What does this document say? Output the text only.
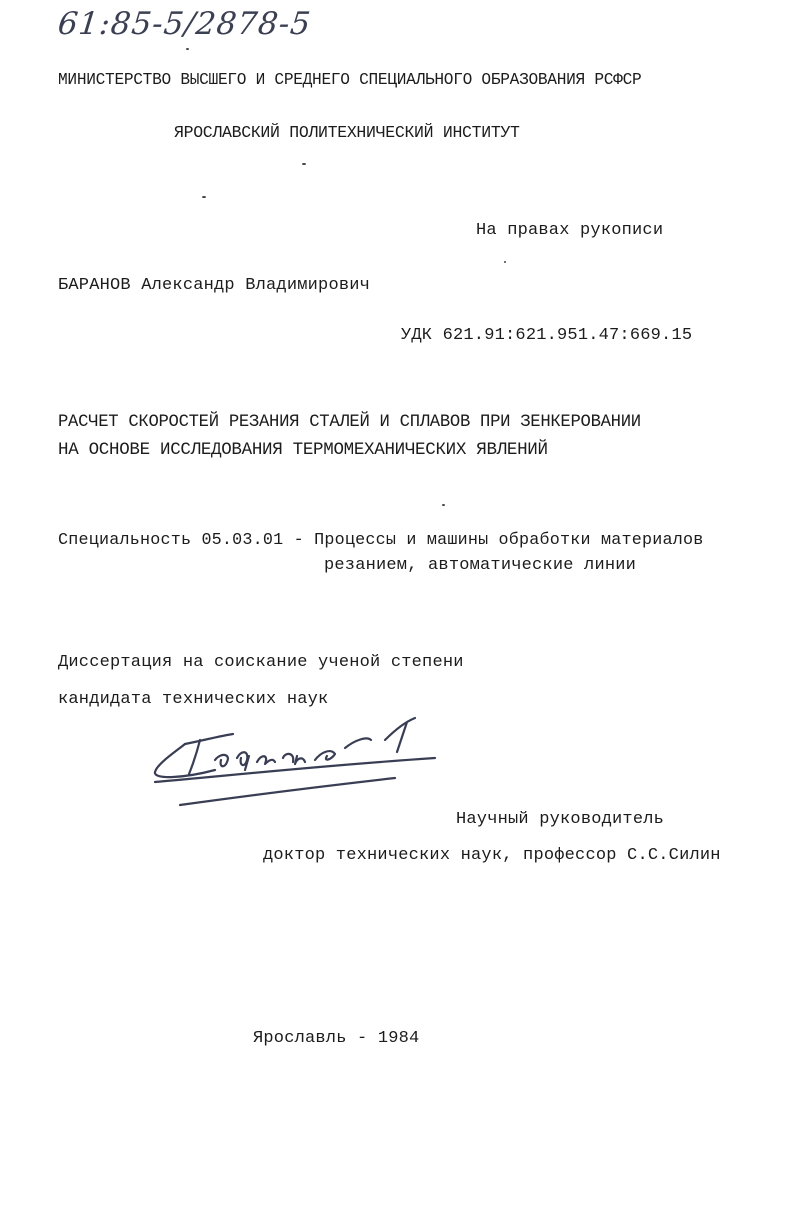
61:85-5/2878-5
МИНИСТЕРСТВО ВЫСШЕГО И СРЕДНЕГО СПЕЦИАЛЬНОГО ОБРАЗОВАНИЯ РСФСР
ЯРОСЛАВСКИЙ ПОЛИТЕХНИЧЕСКИЙ ИНСТИТУТ
На правах рукописи
БАРАНОВ Александр Владимирович
УДК 621.91:621.951.47:669.15
РАСЧЕТ СКОРОСТЕЙ РЕЗАНИЯ СТАЛЕЙ И СПЛАВОВ ПРИ ЗЕНКЕРОВАНИИ
НА ОСНОВЕ ИССЛЕДОВАНИЯ ТЕРМОМЕХАНИЧЕСКИХ ЯВЛЕНИЙ
Специальность 05.03.01 - Процессы и машины обработки материалов
резанием, автоматические линии
Диссертация на соискание ученой степени
кандидата технических наук
Научный руководитель
доктор технических наук, профессор С.С.Силин
Ярославль - 1984
